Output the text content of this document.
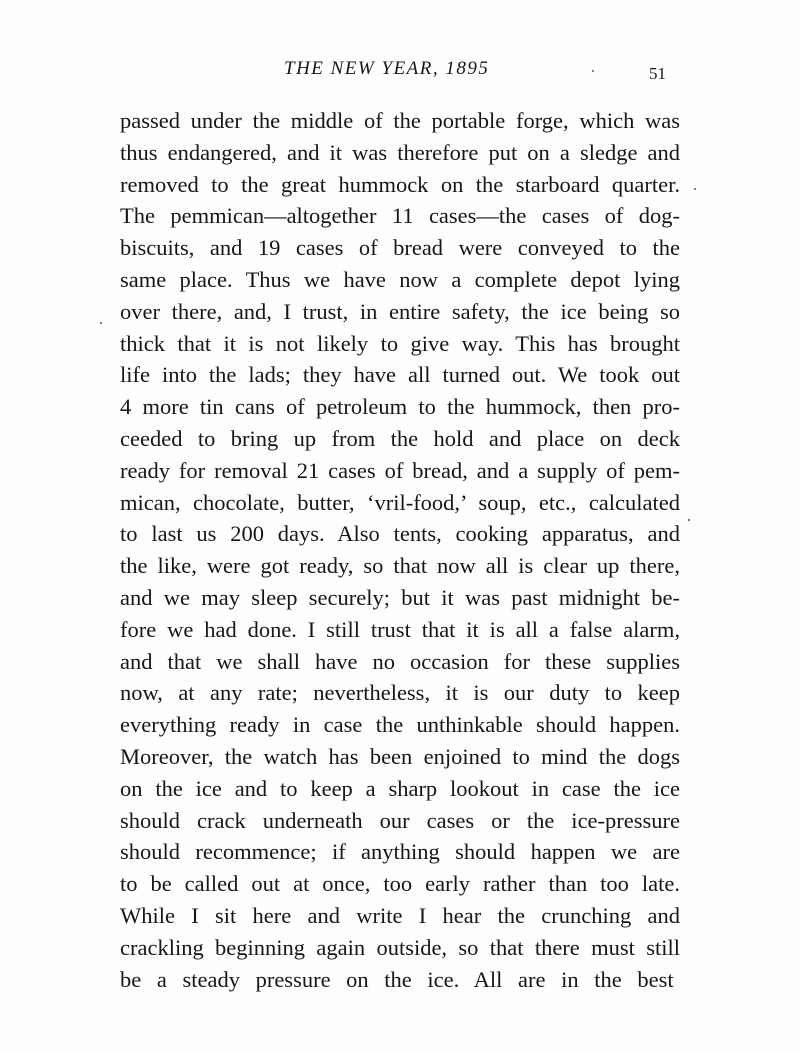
THE NEW YEAR, 1895	51
passed under the middle of the portable forge, which was
thus endangered, and it was therefore put on a sledge and
removed to the great hummock on the starboard quarter.
The pemmican—altogether 11 cases—the cases of dog-
biscuits, and 19 cases of bread were conveyed to the
same place. Thus we have now a complete depot lying
over there, and, I trust, in entire safety, the ice being so
thick that it is not likely to give way. This has brought
life into the lads; they have all turned out. We took out
4 more tin cans of petroleum to the hummock, then pro-
ceeded to bring up from the hold and place on deck
ready for removal 21 cases of bread, and a supply of pem-
mican, chocolate, butter, ‘vril-food,’ soup, etc., calculated
to last us 200 days. Also tents, cooking apparatus, and
the like, were got ready, so that now all is clear up there,
and we may sleep securely; but it was past midnight be-
fore we had done. I still trust that it is all a false alarm,
and that we shall have no occasion for these supplies
now, at any rate; nevertheless, it is our duty to keep
everything ready in case the unthinkable should happen.
Moreover, the watch has been enjoined to mind the dogs
on the ice and to keep a sharp lookout in case the ice
should crack underneath our cases or the ice-pressure
should recommence; if anything should happen we are
to be called out at once, too early rather than too late.
While I sit here and write I hear the crunching and
crackling beginning again outside, so that there must still
be a steady pressure on the ice. All are in the best
